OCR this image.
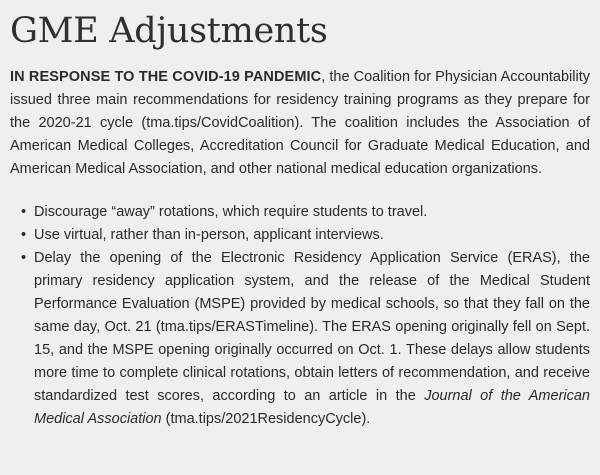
GME Adjustments

IN RESPONSE TO THE COVID-19 PANDEMIC, the Coalition for Physician Accountability issued three main recommendations for residency training programs as they prepare for the 2020-21 cycle (tma.tips/CovidCoalition). The coalition includes the Association of American Medical Colleges, Accreditation Council for Graduate Medical Education, and American Medical Association, and other national medical education organizations.

• Discourage “away” rotations, which require students to travel.
• Use virtual, rather than in-person, applicant interviews.
• Delay the opening of the Electronic Residency Application Service (ERAS), the primary residency application system, and the release of the Medical Student Performance Evaluation (MSPE) provided by medical schools, so that they fall on the same day, Oct. 21 (tma.tips/ERASTimeline). The ERAS opening originally fell on Sept. 15, and the MSPE opening originally occurred on Oct. 1. These delays allow students more time to complete clinical rotations, obtain letters of recommendation, and receive standardized test scores, according to an article in the Journal of the American Medical Association (tma.tips/2021ResidencyCycle).
